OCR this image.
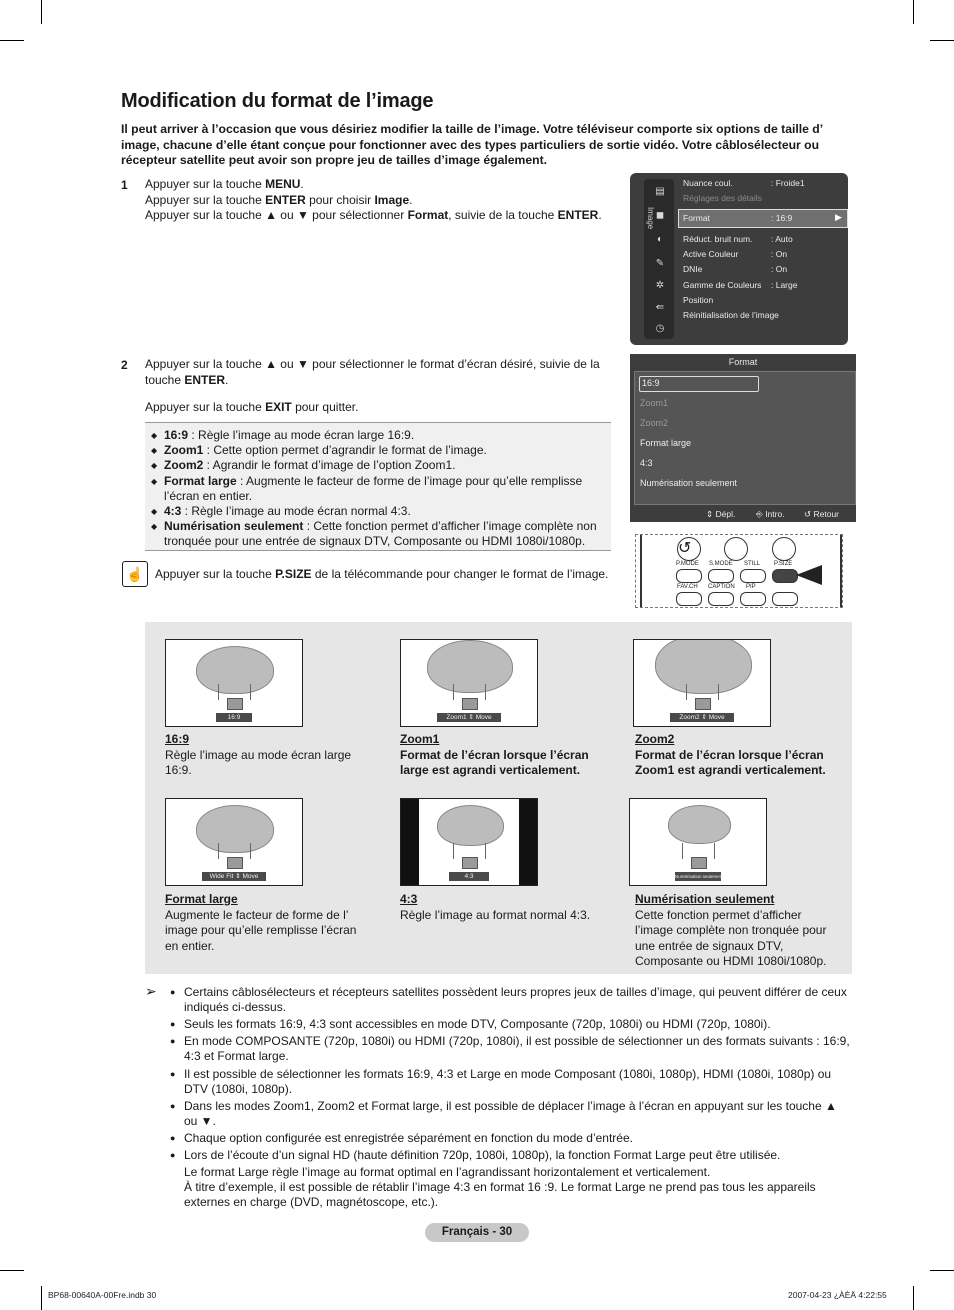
Modification du format de l’image
Il peut arriver à l’occasion que vous désiriez modifier la taille de l’image. Votre téléviseur comporte six options de taille d’ image, chacune d’elle étant conçue pour fonctionner avec des types particuliers de sortie vidéo. Votre câblosélecteur ou récepteur satellite peut avoir son propre jeu de tailles d’image également.
1 Appuyer sur la touche MENU.
Appuyer sur la touche ENTER pour choisir Image.
Appuyer sur la touche ▲ ou ▼ pour sélectionner Format, suivie de la touche ENTER.	Image
▤
◼
◐
✎
✲
⇚
◷
▶
Nuance coul.	: Froide1
Réglages des détails
Format	: 16:9
Réduct. bruit num. : Auto
Active Couleur	: On
DNIe	: On
Gamme de Couleurs : Large
Position
Réinitialisation de l’image
2 Appuyer sur la touche ▲ ou ▼ pour sélectionner le format d’écran désiré, suivie de la
touche ENTER.
Appuyer sur la touche EXIT pour quitter.
◆ 16:9 : Règle l’image au mode écran large 16:9.
◆ Zoom1 : Cette option permet d’agrandir le format de l’image.
◆ Zoom2 : Agrandir le format d’image de l’option Zoom1.
◆ Format large : Augmente le facteur de forme de l’image pour qu’elle remplisse l’écran en entier.
◆ 4:3 : Règle l’image au mode écran normal 4:3.
◆ Numérisation seulement : Cette fonction permet d’afficher l’image complète non tronquée pour une entrée de signaux DTV, Composante ou HDMI 1080i/1080p.
Format
16:9
Zoom1
Zoom2
Format large
4:3
Numérisation seulement
⇕ Dépl. ⎆ Intro. ↺ Retour
↺
P.MODE S.MODE STILL P.SIZE
FAV.CH CAPTION PIP
☝ Appuyer sur la touche P.SIZE de la télécommande pour changer le format de l’image.
16:9
16:9
Règle l’image au mode écran large 16:9.
Zoom1 ⇕ Move
Zoom1
Format de l’écran lorsque l’écran large est agrandi verticalement.
Zoom2 ⇕ Move
Zoom2
Format de l’écran lorsque l’écran Zoom1 est agrandi verticalement.
Wide Fit ⇕ Move
Format large
Augmente le facteur de forme de l’ image pour qu’elle remplisse l’écran en entier.
4:3
4:3
Règle l’image au format normal 4:3.
Numérisation seulement
Numérisation seulement
Cette fonction permet d’afficher l’image complète non tronquée pour une entrée de signaux DTV, Composante ou HDMI 1080i/1080p.
➢
●	Certains câblosélecteurs et récepteurs satellites possèdent leurs propres jeux de tailles d’image, qui peuvent différer de ceux indiqués ci-dessus.
● Seuls les formats 16:9, 4:3 sont accessibles en mode DTV, Composante (720p, 1080i) ou HDMI (720p, 1080i).
● En mode COMPOSANTE (720p, 1080i) ou HDMI (720p, 1080i), il est possible de sélectionner un des formats suivants : 16:9, 4:3 et Format large.
● Il est possible de sélectionner les formats 16:9, 4:3 et Large en mode Composant (1080i, 1080p), HDMI (1080i, 1080p) ou DTV (1080i, 1080p).
● Dans les modes Zoom1, Zoom2 et Format large, il est possible de déplacer l’image à l’écran en appuyant sur les touche ▲ ou ▼.
● Chaque option configurée est enregistrée séparément en fonction du mode d’entrée.
● Lors de l’écoute d’un signal HD (haute définition 720p, 1080i, 1080p), la fonction Format Large peut être utilisée.
Le format Large règle l’image au format optimal en l’agrandissant horizontalement et verticalement.
À titre d’exemple, il est possible de rétablir l’image 4:3 en format 16 :9. Le format Large ne prend pas tous les appareils externes en charge (DVD, magnétoscope, etc.).
Français - 30
BP68-00640A-00Fre.indb 30	2007-04-23 ¿ÀÈÄ 4:22:55
